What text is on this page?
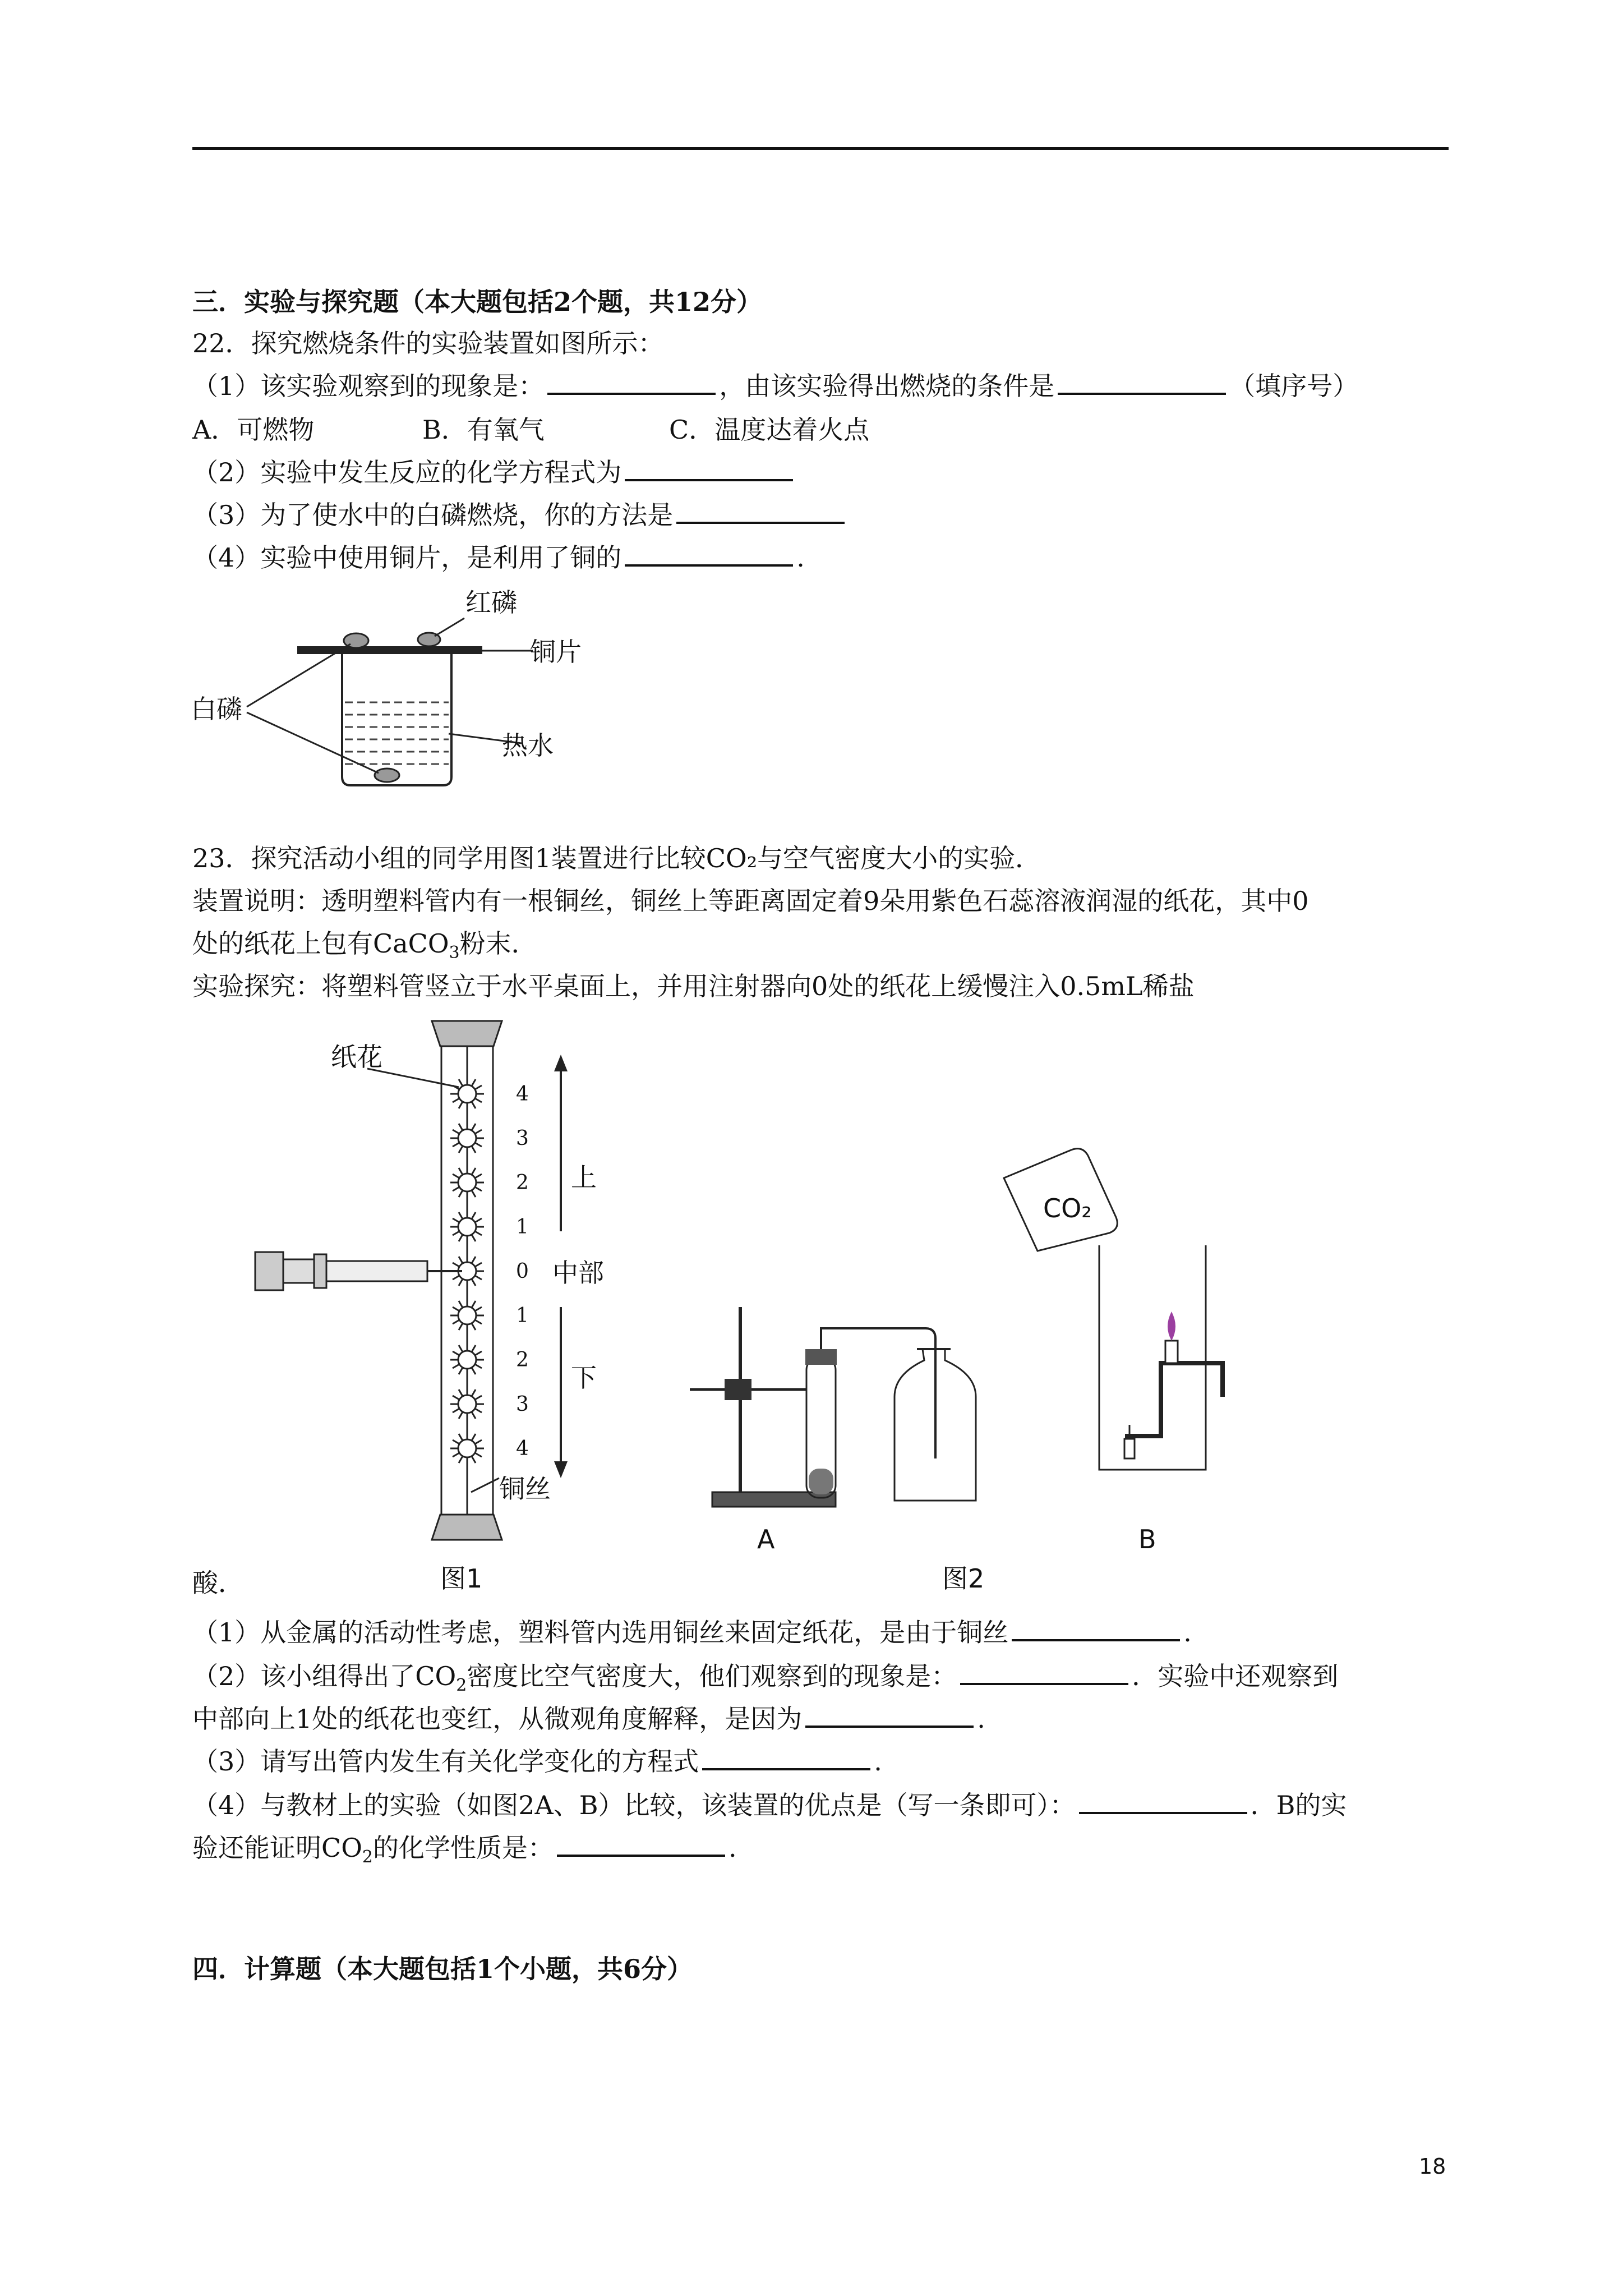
三．实验与探究题（本大题包括2个题，共12分）
22．探究燃烧条件的实验装置如图所示：
（1）该实验观察到的现象是：	，由该实验得出燃烧的条件是	（填序号）
A．可燃物	B．有氧气	C．温度达着火点
（2）实验中发生反应的化学方程式为
（3）为了使水中的白磷燃烧，你的方法是
（4）实验中使用铜片，是利用了铜的	.
红磷
铜片
白磷
热水
23．探究活动小组的同学用图1装置进行比较CO₂与空气密度大小的实验．
装置说明：透明塑料管内有一根铜丝，铜丝上等距离固定着9朵用紫色石蕊溶液润湿的纸花，其中0
处的纸花上包有CaCO$_3$粉末．
实验探究：将塑料管竖立于水平桌面上，并用注射器向0处的纸花上缓慢注入0.5mL稀盐
4
3
2
1
0
1
2
3
4
纸花
上
中部
下
铜丝
图1
A
CO₂
B
图2
酸．
（1）从金属的活动性考虑，塑料管内选用铜丝来固定纸花，是由于铜丝	.
（2）该小组得出了$CO_2$密度比空气密度大，他们观察到的现象是：	．实验中还观察到
中部向上1处的纸花也变红，从微观角度解释，是因为	.
（3）请写出管内发生有关化学变化的方程式	.
（4）与教材上的实验（如图2A、B）比较，该装置的优点是（写一条即可）：	．B的实
验还能证明$CO_2$的化学性质是：	.
四．计算题（本大题包括1个小题，共6分）
18
